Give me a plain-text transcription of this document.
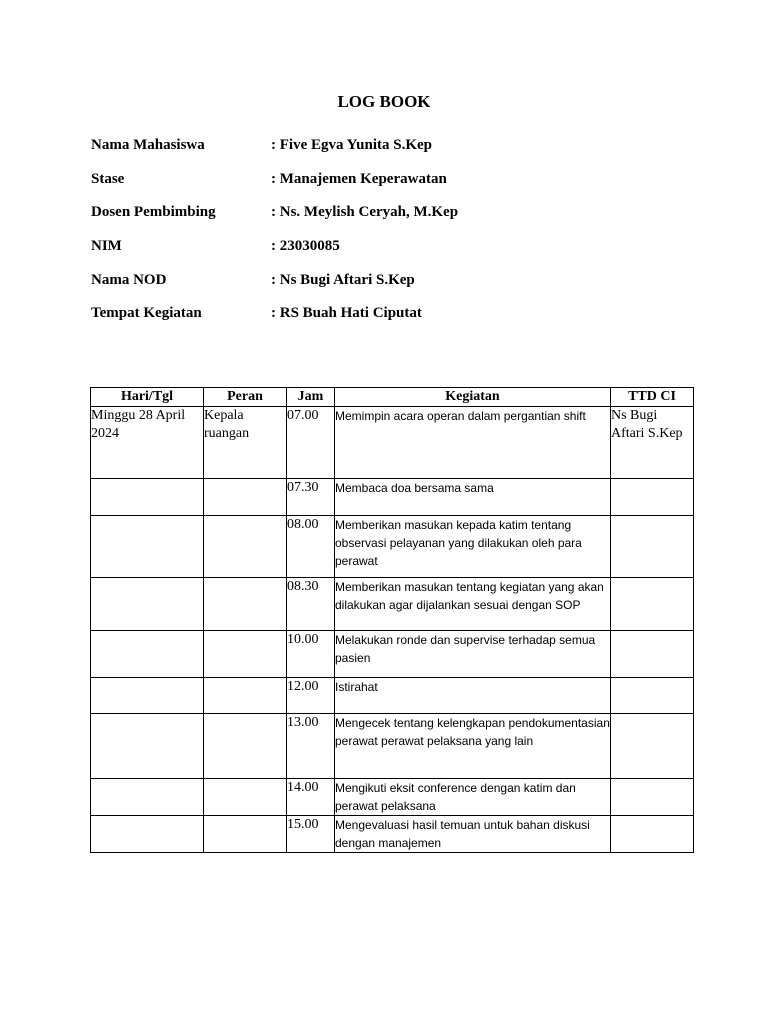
LOG BOOK
Nama Mahasiswa	: Five Egva Yunita S.Kep
Stase	: Manajemen Keperawatan
Dosen Pembimbing	: Ns. Meylish Ceryah, M.Kep
NIM	: 23030085
Nama NOD	: Ns Bugi Aftari S.Kep
Tempat Kegiatan	: RS Buah Hati Ciputat
Hari/Tgl	Peran	Jam	Kegiatan	TTD CI
Minggu 28 April 2024	Kepala ruangan	07.00	Memimpin acara operan dalam pergantian shift	Ns Bugi Aftari S.Kep
		07.30	Membaca doa bersama sama	
		08.00	Memberikan masukan kepada katim tentang observasi pelayanan yang dilakukan oleh para perawat	
		08.30	Memberikan masukan tentang kegiatan yang akan dilakukan agar dijalankan sesuai dengan SOP	
		10.00	Melakukan ronde dan supervise terhadap semua pasien	
		12.00	Istirahat	
		13.00	Mengecek tentang kelengkapan pendokumentasian perawat perawat pelaksana yang lain	
		14.00	Mengikuti eksit conference dengan katim dan perawat pelaksana	
		15.00	Mengevaluasi hasil temuan untuk bahan diskusi dengan manajemen	
